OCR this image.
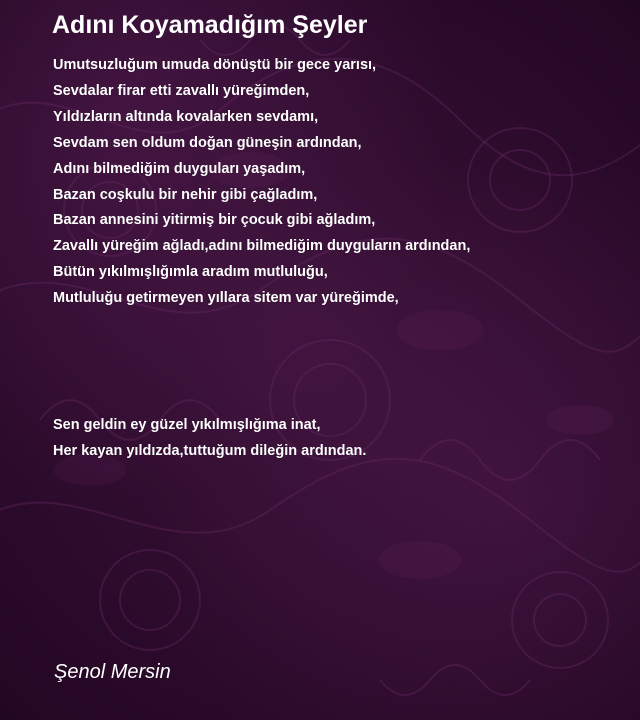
Adını Koyamadığım Şeyler
Umutsuzluğum umuda dönüştü bir gece yarısı,
Sevdalar firar etti zavallı yüreğimden,
Yıldızların altında kovalarken sevdamı,
Sevdam sen oldum doğan güneşin ardından,
Adını bilmediğim duyguları yaşadım,
Bazan coşkulu bir nehir gibi çağladım,
Bazan annesini yitirmiş bir çocuk gibi ağladım,
Zavallı yüreğim ağladı,adını bilmediğim duyguların ardından,
Bütün yıkılmışlığımla aradım mutluluğu,
Mutluluğu getirmeyen yıllara sitem var yüreğimde,
Sen geldin ey güzel yıkılmışlığıma inat,
Her kayan yıldızda,tuttuğum dileğin ardından.

Şenol Mersin
